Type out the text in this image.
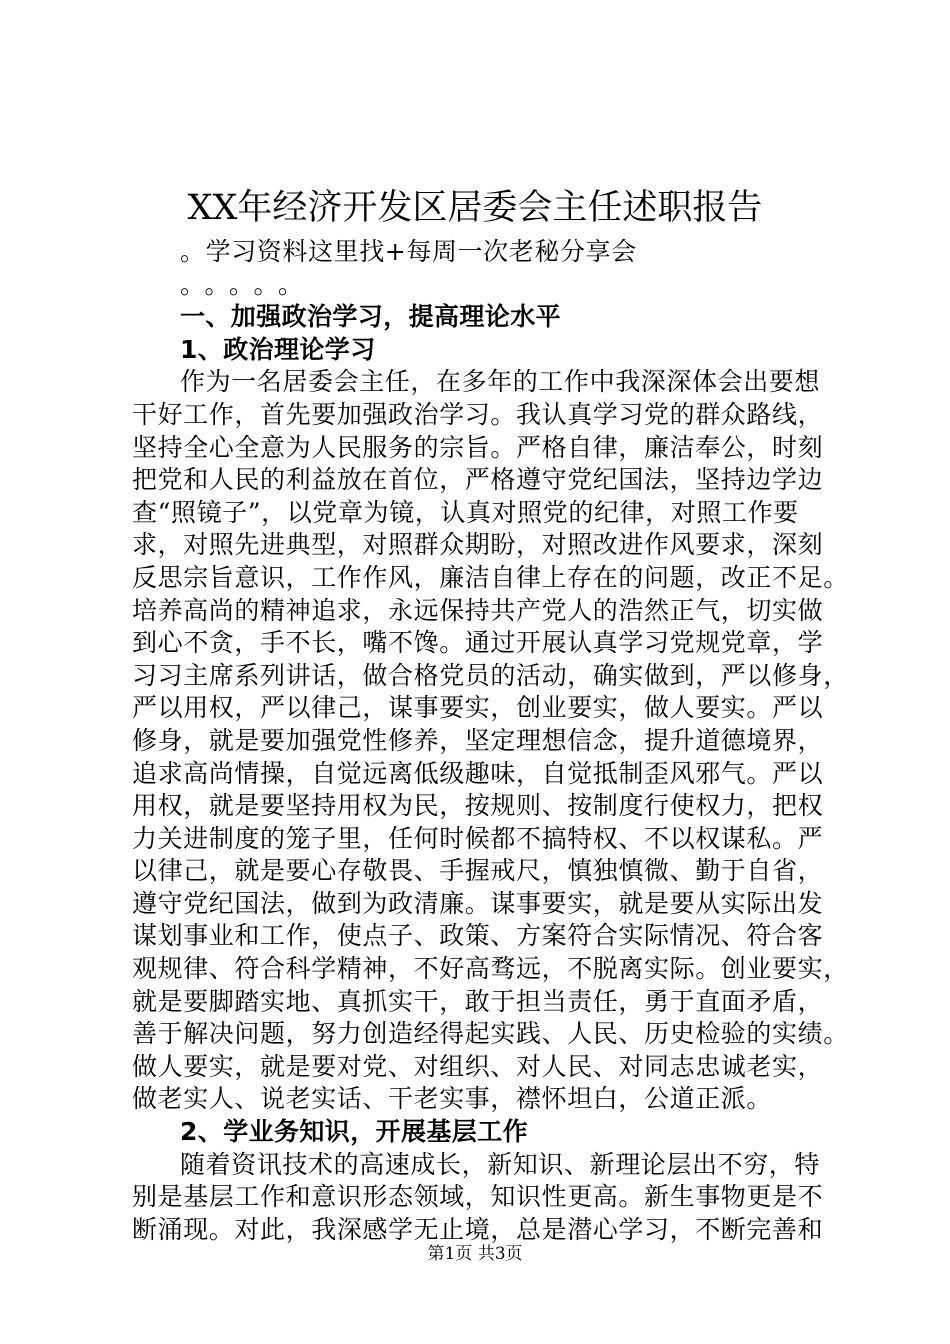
XX年经济开发区居委会主任述职报告
。学习资料这里找+每周一次老秘分享会
。。。。。
一、加强政治学习，提高理论水平
1、政治理论学习
作为一名居委会主任，在多年的工作中我深深体会出要想
干好工作，首先要加强政治学习。我认真学习党的群众路线，
坚持全心全意为人民服务的宗旨。严格自律，廉洁奉公，时刻
把党和人民的利益放在首位，严格遵守党纪国法，坚持边学边
查“照镜子”，以党章为镜，认真对照党的纪律，对照工作要
求，对照先进典型，对照群众期盼，对照改进作风要求，深刻
反思宗旨意识，工作作风，廉洁自律上存在的问题，改正不足。
培养高尚的精神追求，永远保持共产党人的浩然正气，切实做
到心不贪，手不长，嘴不馋。通过开展认真学习党规党章，学
习习主席系列讲话，做合格党员的活动，确实做到，严以修身，
严以用权，严以律己，谋事要实，创业要实，做人要实。严以
修身，就是要加强党性修养，坚定理想信念，提升道德境界，
追求高尚情操，自觉远离低级趣味，自觉抵制歪风邪气。严以
用权，就是要坚持用权为民，按规则、按制度行使权力，把权
力关进制度的笼子里，任何时候都不搞特权、不以权谋私。严
以律己，就是要心存敬畏、手握戒尺，慎独慎微、勤于自省，
遵守党纪国法，做到为政清廉。谋事要实，就是要从实际出发
谋划事业和工作，使点子、政策、方案符合实际情况、符合客
观规律、符合科学精神，不好高骛远，不脱离实际。创业要实，
就是要脚踏实地、真抓实干，敢于担当责任，勇于直面矛盾，
善于解决问题，努力创造经得起实践、人民、历史检验的实绩。
做人要实，就是要对党、对组织、对人民、对同志忠诚老实，
做老实人、说老实话、干老实事，襟怀坦白，公道正派。
2、学业务知识，开展基层工作
随着资讯技术的高速成长，新知识、新理论层出不穷，特
别是基层工作和意识形态领域，知识性更高。新生事物更是不
断涌现。对此，我深感学无止境，总是潜心学习，不断完善和
第1页 共3页
